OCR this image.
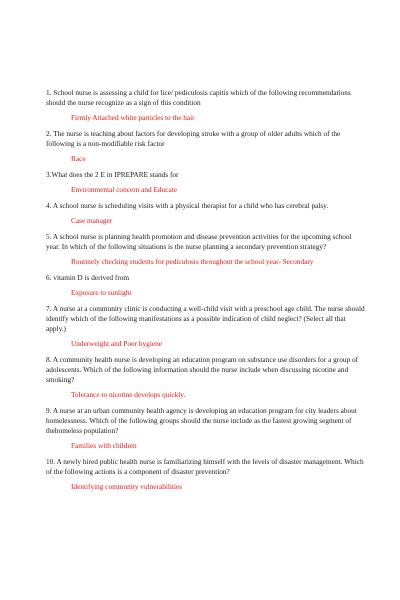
1. School nurse is assessing a child for lice/ pediculosis capitis which of the following recommendations should the nurse recognize as a sign of this condition

Firmly Attached white particles to the hair

2. The nurse is teaching about factors for developing stroke with a group of older adults which of the following is a non-modifiable risk factor

Race

3.What does the 2 E in IPREPARE stands for

Environmental concern and Educate

4. A school nurse is scheduling visits with a physical therapist for a child who has cerebral palsy.

Case manager

5. A school nurse is planning health promotion and disease prevention activities for the upcoming school year. In which of the following situations is the nurse planning a secondary prevention strategy?

Routinely checking students for pediculosis throughout the school year- Secondary

6. vitamin D is derived from

Exposure to sunlight

7. A nurse at a community clinic is conducting a well-child visit with a preschool age child. The nurse should identify which of the following manifestations as a possible indication of child neglect? (Select all that apply.)

Underweight and Poor hygiene

8. A community health nurse is developing an education program on substance use disorders for a group of adolescents. Which of the following information should the nurse include when discussing nicotine and smoking?

Tolerance to nicotine develops quickly.

9. A nurse at an urban community health agency is developing an education program for city leaders about homelessness. Which of the following groups should the nurse include as the fastest growing segment of thehomeless population?

Families with children

10. A newly hired public health nurse is familiarizing himself with the levels of disaster management. Which of the following actions is a component of disaster prevention?

Identifying community vulnerabilities
